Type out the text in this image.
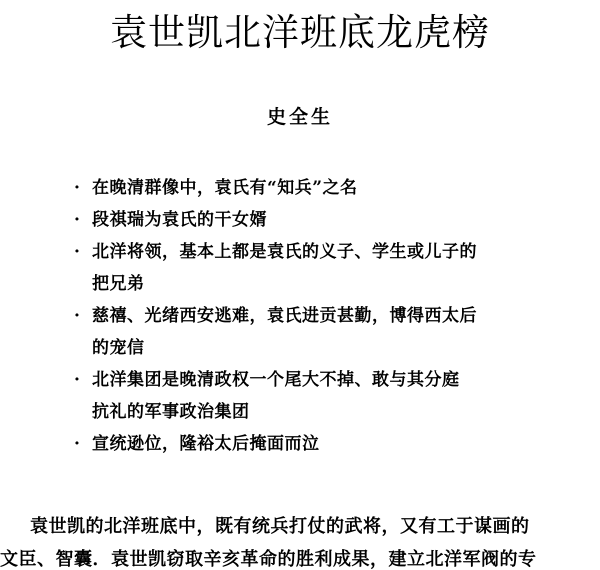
袁世凯北洋班底龙虎榜
史全生
· 在晚清群像中，袁氏有“知兵”之名
· 段祺瑞为袁氏的干女婿
· 北洋将领，基本上都是袁氏的义子、学生或儿子的
把兄弟
· 慈禧、光绪西安逃难，袁氏进贡甚勤，博得西太后
的宠信
· 北洋集团是晚清政权一个尾大不掉、敢与其分庭
抗礼的军事政治集团
· 宣统逊位，隆裕太后掩面而泣
袁世凯的北洋班底中，既有统兵打仗的武将，又有工于谋画的
文臣、智囊．袁世凯窃取辛亥革命的胜利成果，建立北洋军阀的专
